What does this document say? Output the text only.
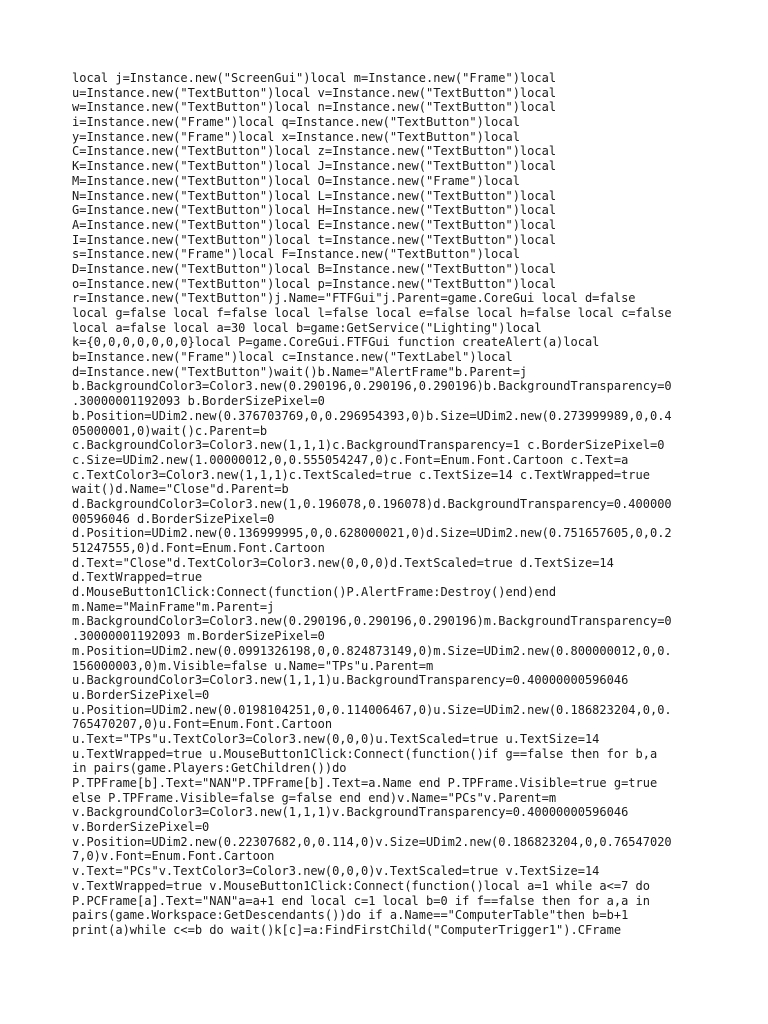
local j=Instance.new("ScreenGui")local m=Instance.new("Frame")local
u=Instance.new("TextButton")local v=Instance.new("TextButton")local
w=Instance.new("TextButton")local n=Instance.new("TextButton")local
i=Instance.new("Frame")local q=Instance.new("TextButton")local
y=Instance.new("Frame")local x=Instance.new("TextButton")local
C=Instance.new("TextButton")local z=Instance.new("TextButton")local
K=Instance.new("TextButton")local J=Instance.new("TextButton")local
M=Instance.new("TextButton")local O=Instance.new("Frame")local
N=Instance.new("TextButton")local L=Instance.new("TextButton")local
G=Instance.new("TextButton")local H=Instance.new("TextButton")local
A=Instance.new("TextButton")local E=Instance.new("TextButton")local
I=Instance.new("TextButton")local t=Instance.new("TextButton")local
s=Instance.new("Frame")local F=Instance.new("TextButton")local
D=Instance.new("TextButton")local B=Instance.new("TextButton")local
o=Instance.new("TextButton")local p=Instance.new("TextButton")local
r=Instance.new("TextButton")j.Name="FTFGui"j.Parent=game.CoreGui local d=false
local g=false local f=false local l=false local e=false local h=false local c=false
local a=false local a=30 local b=game:GetService("Lighting")local
k={0,0,0,0,0,0,0}local P=game.CoreGui.FTFGui function createAlert(a)local
b=Instance.new("Frame")local c=Instance.new("TextLabel")local
d=Instance.new("TextButton")wait()b.Name="AlertFrame"b.Parent=j
b.BackgroundColor3=Color3.new(0.290196,0.290196,0.290196)b.BackgroundTransparency=0
.30000001192093 b.BorderSizePixel=0
b.Position=UDim2.new(0.376703769,0,0.296954393,0)b.Size=UDim2.new(0.273999989,0,0.4
05000001,0)wait()c.Parent=b
c.BackgroundColor3=Color3.new(1,1,1)c.BackgroundTransparency=1 c.BorderSizePixel=0
c.Size=UDim2.new(1.00000012,0,0.555054247,0)c.Font=Enum.Font.Cartoon c.Text=a
c.TextColor3=Color3.new(1,1,1)c.TextScaled=true c.TextSize=14 c.TextWrapped=true
wait()d.Name="Close"d.Parent=b
d.BackgroundColor3=Color3.new(1,0.196078,0.196078)d.BackgroundTransparency=0.400000
00596046 d.BorderSizePixel=0
d.Position=UDim2.new(0.136999995,0,0.628000021,0)d.Size=UDim2.new(0.751657605,0,0.2
51247555,0)d.Font=Enum.Font.Cartoon
d.Text="Close"d.TextColor3=Color3.new(0,0,0)d.TextScaled=true d.TextSize=14
d.TextWrapped=true
d.MouseButton1Click:Connect(function()P.AlertFrame:Destroy()end)end
m.Name="MainFrame"m.Parent=j
m.BackgroundColor3=Color3.new(0.290196,0.290196,0.290196)m.BackgroundTransparency=0
.30000001192093 m.BorderSizePixel=0
m.Position=UDim2.new(0.0991326198,0,0.824873149,0)m.Size=UDim2.new(0.800000012,0,0.
156000003,0)m.Visible=false u.Name="TPs"u.Parent=m
u.BackgroundColor3=Color3.new(1,1,1)u.BackgroundTransparency=0.40000000596046
u.BorderSizePixel=0
u.Position=UDim2.new(0.0198104251,0,0.114006467,0)u.Size=UDim2.new(0.186823204,0,0.
765470207,0)u.Font=Enum.Font.Cartoon
u.Text="TPs"u.TextColor3=Color3.new(0,0,0)u.TextScaled=true u.TextSize=14
u.TextWrapped=true u.MouseButton1Click:Connect(function()if g==false then for b,a
in pairs(game.Players:GetChildren())do
P.TPFrame[b].Text="NAN"P.TPFrame[b].Text=a.Name end P.TPFrame.Visible=true g=true
else P.TPFrame.Visible=false g=false end end)v.Name="PCs"v.Parent=m
v.BackgroundColor3=Color3.new(1,1,1)v.BackgroundTransparency=0.40000000596046
v.BorderSizePixel=0
v.Position=UDim2.new(0.22307682,0,0.114,0)v.Size=UDim2.new(0.186823204,0,0.76547020
7,0)v.Font=Enum.Font.Cartoon
v.Text="PCs"v.TextColor3=Color3.new(0,0,0)v.TextScaled=true v.TextSize=14
v.TextWrapped=true v.MouseButton1Click:Connect(function()local a=1 while a<=7 do
P.PCFrame[a].Text="NAN"a=a+1 end local c=1 local b=0 if f==false then for a,a in
pairs(game.Workspace:GetDescendants())do if a.Name=="ComputerTable"then b=b+1
print(a)while c<=b do wait()k[c]=a:FindFirstChild("ComputerTrigger1").CFrame
